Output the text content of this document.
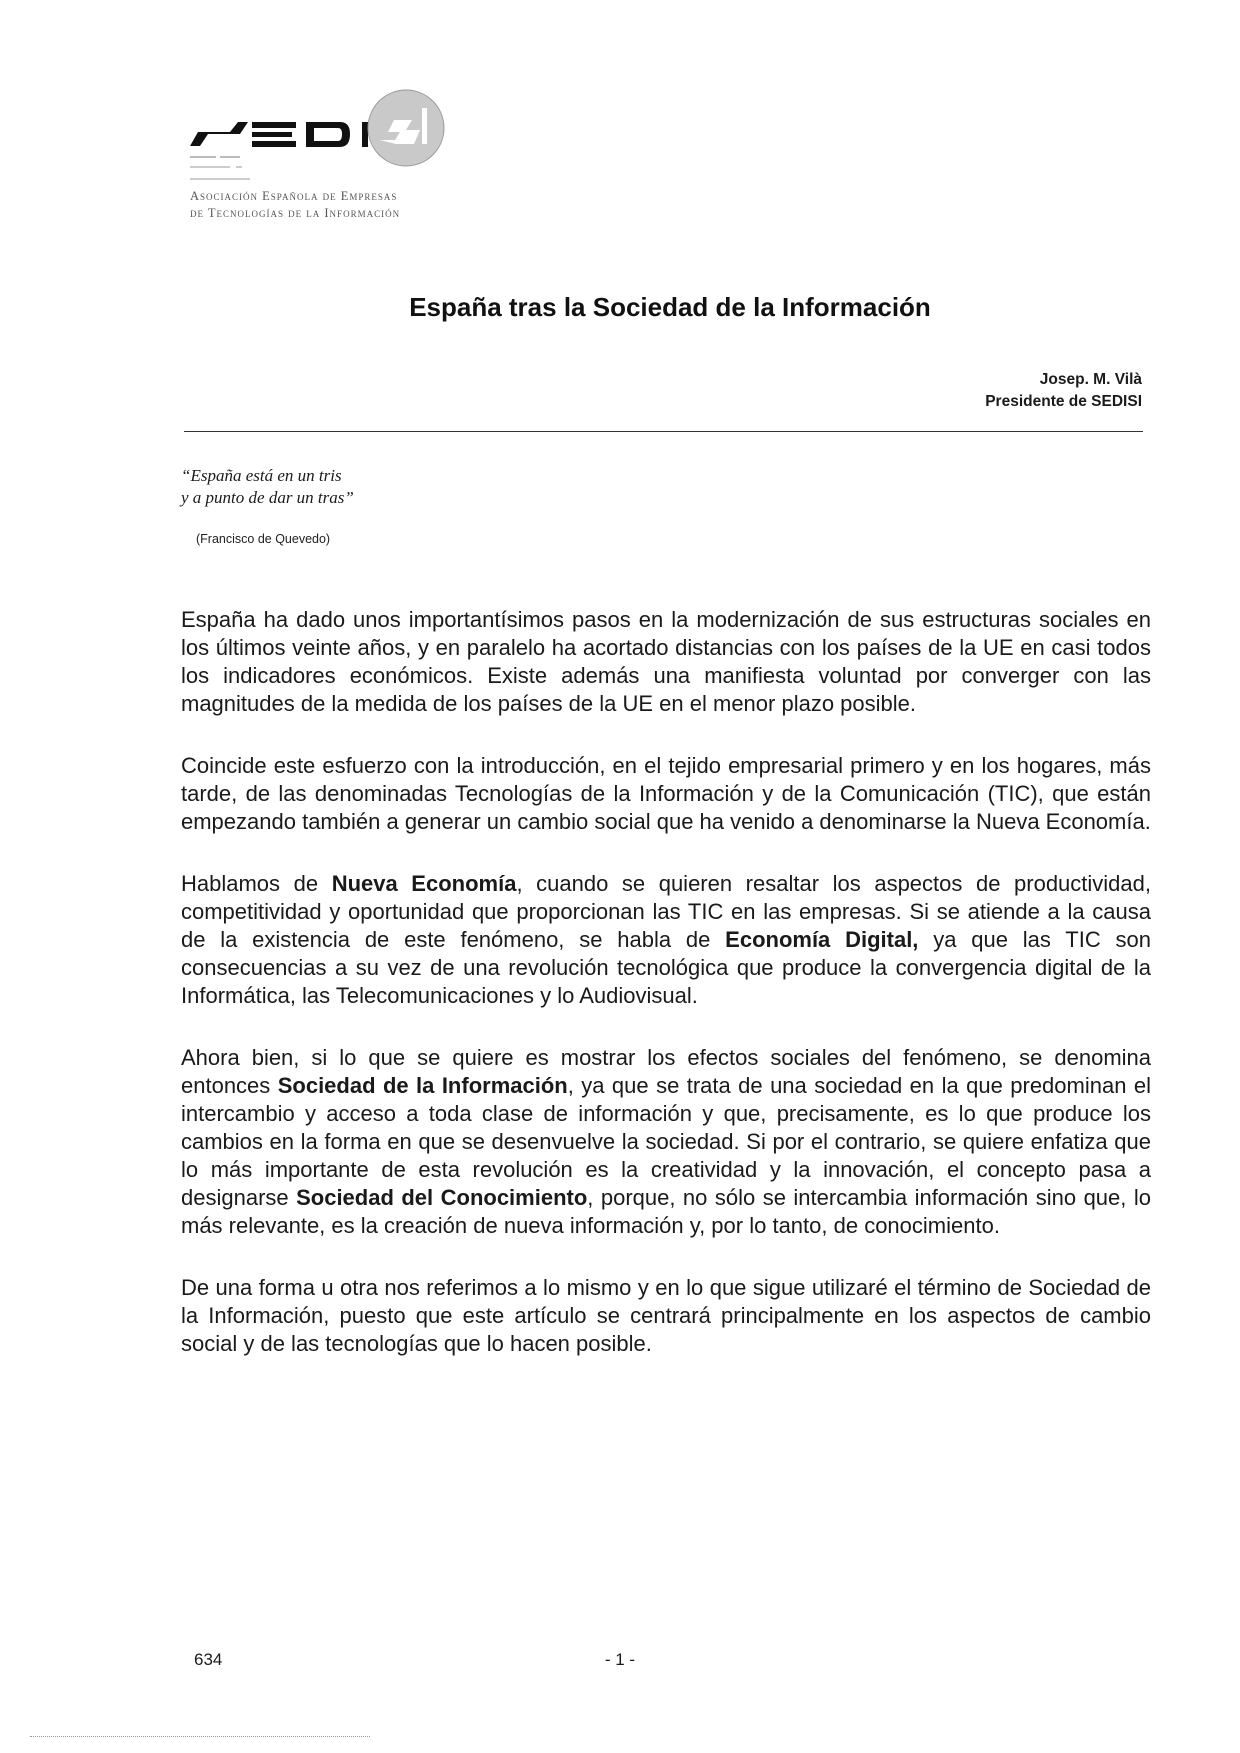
Asociación Española de Empresas
de Tecnologías de la Información
España tras la Sociedad de la Información
Josep. M. Vilà
Presidente de SEDISI
“España está en un tris
y a punto de dar un tras”
(Francisco de Quevedo)

España ha dado unos importantísimos pasos en la modernización de sus estructuras sociales en los últimos veinte años, y en paralelo ha acortado distancias con los países de la UE en casi todos los indicadores económicos. Existe además una manifiesta voluntad por converger con las magnitudes de la medida de los países de la UE en el menor plazo posible.

Coincide este esfuerzo con la introducción, en el tejido empresarial primero y en los hogares, más tarde, de las denominadas Tecnologías de la Información y de la Comunicación (TIC), que están empezando también a generar un cambio social que ha venido a denominarse la Nueva Economía.

Hablamos de Nueva Economía, cuando se quieren resaltar los aspectos de productividad, competitividad y oportunidad que proporcionan las TIC en las empresas. Si se atiende a la causa de la existencia de este fenómeno, se habla de Economía Digital, ya que las TIC son consecuencias a su vez de una revolución tecnológica que produce la convergencia digital de la Informática, las Telecomunicaciones y lo Audiovisual.

Ahora bien, si lo que se quiere es mostrar los efectos sociales del fenómeno, se denomina entonces Sociedad de la Información, ya que se trata de una sociedad en la que predominan el intercambio y acceso a toda clase de información y que, precisamente, es lo que produce los cambios en la forma en que se desenvuelve la sociedad. Si por el contrario, se quiere enfatiza que lo más importante de esta revolución es la creatividad y la innovación, el concepto pasa a designarse Sociedad del Conocimiento, porque, no sólo se intercambia información sino que, lo más relevante, es la creación de nueva información y, por lo tanto, de conocimiento.

De una forma u otra nos referimos a lo mismo y en lo que sigue utilizaré el término de Sociedad de la Información, puesto que este artículo se centrará principalmente en los aspectos de cambio social y de las tecnologías que lo hacen posible.

634	- 1 -
